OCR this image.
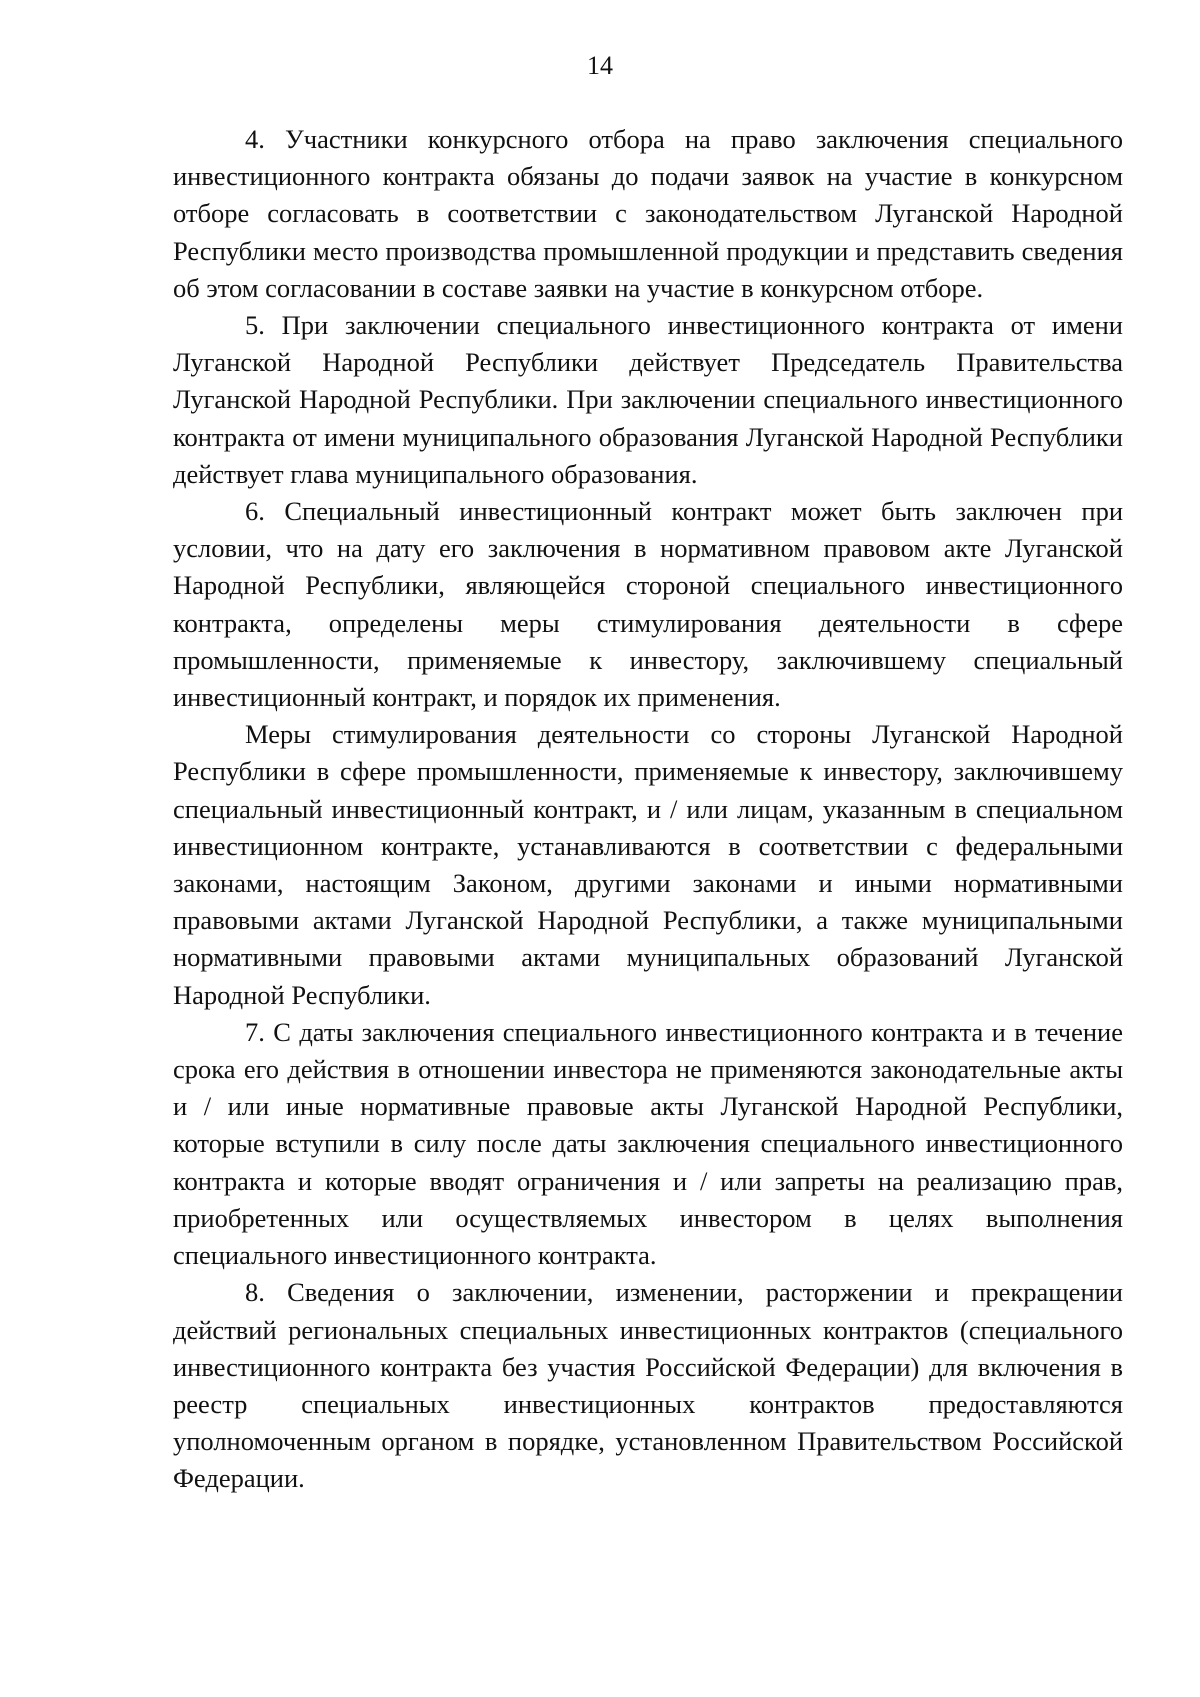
14

4. Участники конкурсного отбора на право заключения специального инвестиционного контракта обязаны до подачи заявок на участие в конкурсном отборе согласовать в соответствии с законодательством Луганской Народной Республики место производства промышленной продукции и представить сведения об этом согласовании в составе заявки на участие в конкурсном отборе.

5. При заключении специального инвестиционного контракта от имени Луганской Народной Республики действует Председатель Правительства Луганской Народной Республики. При заключении специального инвестиционного контракта от имени муниципального образования Луганской Народной Республики действует глава муниципального образования.

6. Специальный инвестиционный контракт может быть заключен при условии, что на дату его заключения в нормативном правовом акте Луганской Народной Республики, являющейся стороной специального инвестиционного контракта, определены меры стимулирования деятельности в сфере промышленности, применяемые к инвестору, заключившему специальный инвестиционный контракт, и порядок их применения.

Меры стимулирования деятельности со стороны Луганской Народной Республики в сфере промышленности, применяемые к инвестору, заключившему специальный инвестиционный контракт, и / или лицам, указанным в специальном инвестиционном контракте, устанавливаются в соответствии с федеральными законами, настоящим Законом, другими законами и иными нормативными правовыми актами Луганской Народной Республики, а также муниципальными нормативными правовыми актами муниципальных образований Луганской Народной Республики.

7. С даты заключения специального инвестиционного контракта и в течение срока его действия в отношении инвестора не применяются законодательные акты и / или иные нормативные правовые акты Луганской Народной Республики, которые вступили в силу после даты заключения специального инвестиционного контракта и которые вводят ограничения и / или запреты на реализацию прав, приобретенных или осуществляемых инвестором в целях выполнения специального инвестиционного контракта.

8. Сведения о заключении, изменении, расторжении и прекращении действий региональных специальных инвестиционных контрактов (специального инвестиционного контракта без участия Российской Федерации) для включения в реестр специальных инвестиционных контрактов предоставляются уполномоченным органом в порядке, установленном Правительством Российской Федерации.
